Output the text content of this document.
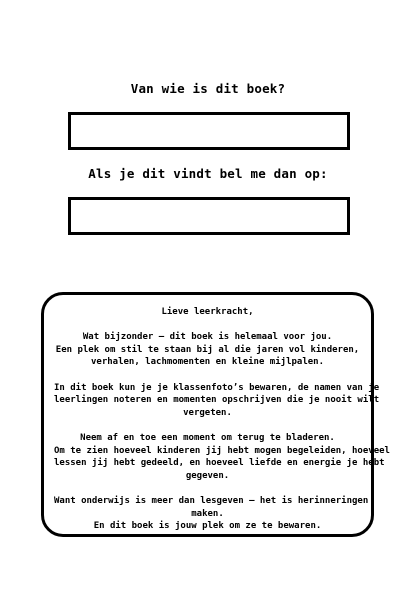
Van wie is dit boek?
Als je dit vindt bel me dan op:

Lieve leerkracht,

Wat bijzonder – dit boek is helemaal voor jou.
Een plek om stil te staan bij al die jaren vol kinderen,
verhalen, lachmomenten en kleine mijlpalen.

In dit boek kun je je klassenfoto’s bewaren, de namen van je
leerlingen noteren en momenten opschrijven die je nooit wilt
vergeten.

Neem af en toe een moment om terug te bladeren.
Om te zien hoeveel kinderen jij hebt mogen begeleiden, hoeveel
lessen jij hebt gedeeld, en hoeveel liefde en energie je hebt
gegeven.

Want onderwijs is meer dan lesgeven – het is herinneringen
maken.
En dit boek is jouw plek om ze te bewaren.
